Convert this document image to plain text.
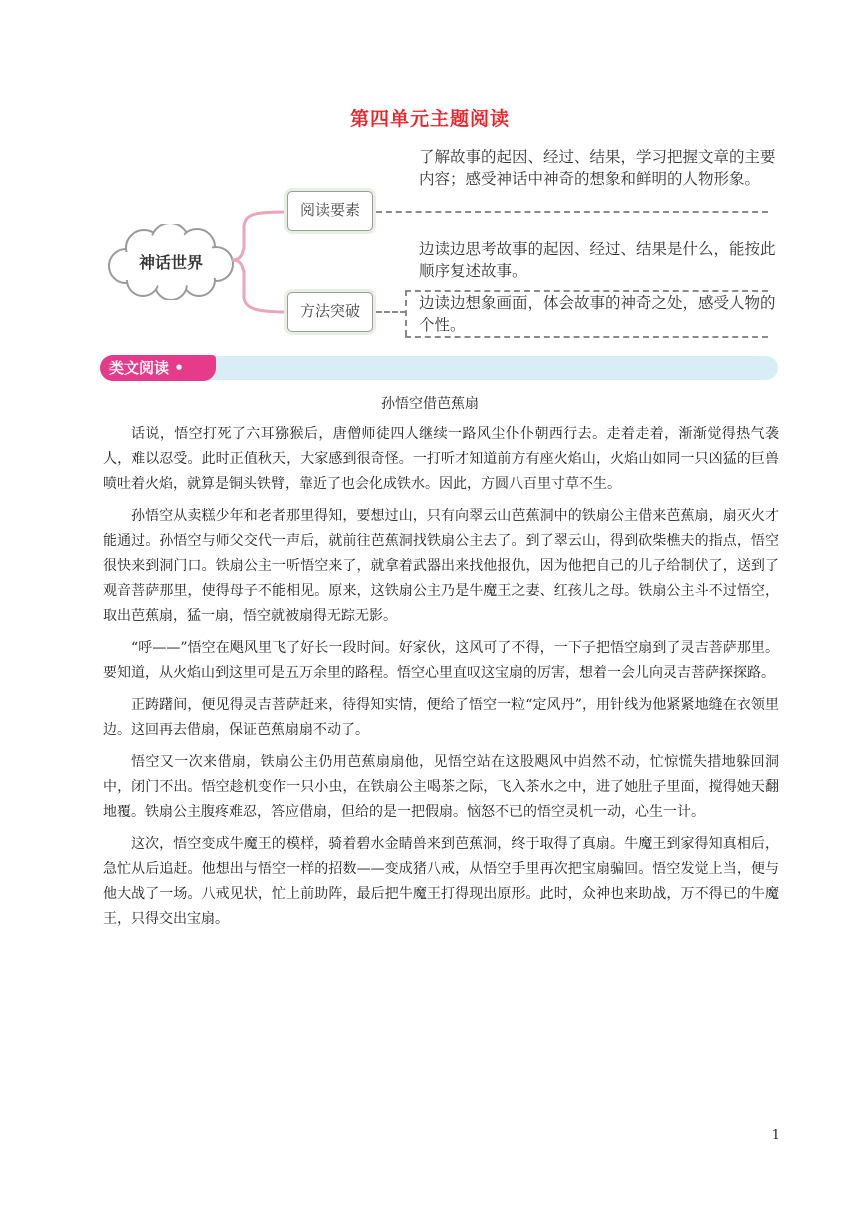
第四单元主题阅读
神话世界
阅读要素
方法突破
了解故事的起因、经过、结果，学习把握文章的主要内容；感受神话中神奇的想象和鲜明的人物形象。
边读边思考故事的起因、经过、结果是什么，能按此顺序复述故事。
边读边想象画面，体会故事的神奇之处，感受人物的个性。
类文阅读 •
孙悟空借芭蕉扇

话说，悟空打死了六耳猕猴后，唐僧师徒四人继续一路风尘仆仆朝西行去。走着走着，渐渐觉得热气袭人，难以忍受。此时正值秋天，大家感到很奇怪。一打听才知道前方有座火焰山，火焰山如同一只凶猛的巨兽喷吐着火焰，就算是铜头铁臂，靠近了也会化成铁水。因此，方圆八百里寸草不生。

孙悟空从卖糕少年和老者那里得知，要想过山，只有向翠云山芭蕉洞中的铁扇公主借来芭蕉扇，扇灭火才能通过。孙悟空与师父交代一声后，就前往芭蕉洞找铁扇公主去了。到了翠云山，得到砍柴樵夫的指点，悟空很快来到洞门口。铁扇公主一听悟空来了，就拿着武器出来找他报仇，因为他把自己的儿子给制伏了，送到了观音菩萨那里，使得母子不能相见。原来，这铁扇公主乃是牛魔王之妻、红孩儿之母。铁扇公主斗不过悟空，取出芭蕉扇，猛一扇，悟空就被扇得无踪无影。

“呼——”悟空在飓风里飞了好长一段时间。好家伙，这风可了不得，一下子把悟空扇到了灵吉菩萨那里。要知道，从火焰山到这里可是五万余里的路程。悟空心里直叹这宝扇的厉害，想着一会儿向灵吉菩萨探探路。

正踌躇间，便见得灵吉菩萨赶来，待得知实情，便给了悟空一粒“定风丹”，用针线为他紧紧地缝在衣领里边。这回再去借扇，保证芭蕉扇扇不动了。

悟空又一次来借扇，铁扇公主仍用芭蕉扇扇他，见悟空站在这股飓风中岿然不动，忙惊慌失措地躲回洞中，闭门不出。悟空趁机变作一只小虫，在铁扇公主喝茶之际，飞入茶水之中，进了她肚子里面，搅得她天翻地覆。铁扇公主腹疼难忍，答应借扇，但给的是一把假扇。恼怒不已的悟空灵机一动，心生一计。

这次，悟空变成牛魔王的模样，骑着碧水金睛兽来到芭蕉洞，终于取得了真扇。牛魔王到家得知真相后，急忙从后追赶。他想出与悟空一样的招数——变成猪八戒，从悟空手里再次把宝扇骗回。悟空发觉上当，便与他大战了一场。八戒见状，忙上前助阵，最后把牛魔王打得现出原形。此时，众神也来助战，万不得已的牛魔王，只得交出宝扇。

1
